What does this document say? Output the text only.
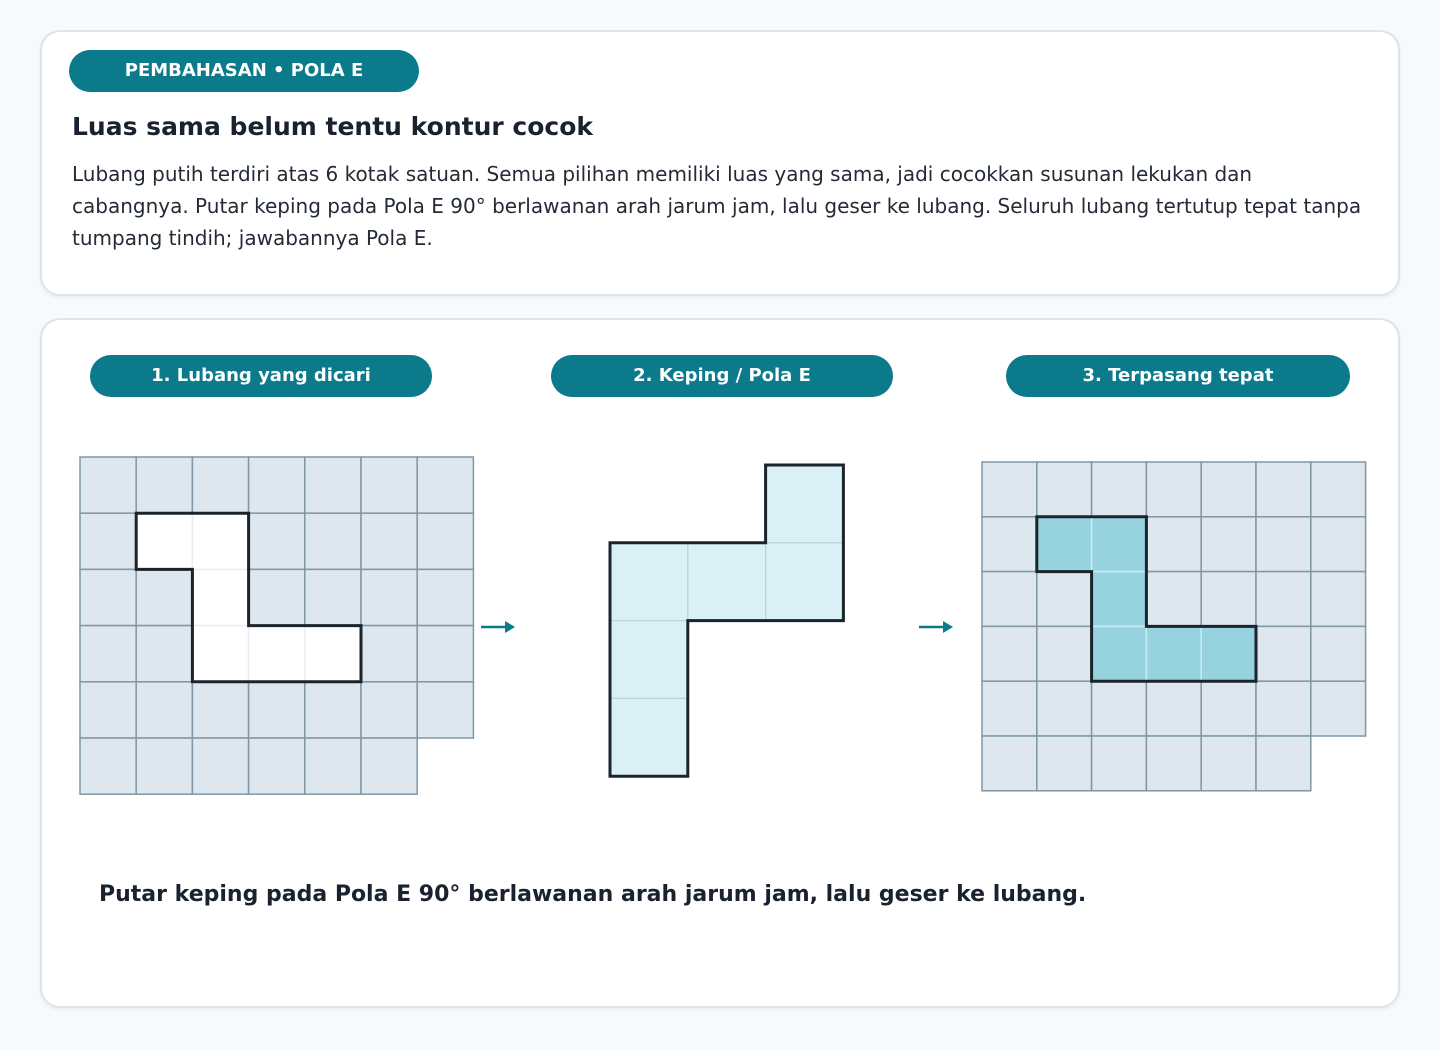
PEMBAHASAN • POLA E
Luas sama belum tentu kontur cocok
Lubang putih terdiri atas 6 kotak satuan. Semua pilihan memiliki luas yang sama, jadi cocokkan susunan lekukan dan cabangnya. Putar keping pada Pola E 90° berlawanan arah jarum jam, lalu geser ke lubang. Seluruh lubang tertutup tepat tanpa tumpang tindih; jawabannya Pola E.
1. Lubang yang dicari	2. Keping / Pola E	3. Terpasang tepat
Putar keping pada Pola E 90° berlawanan arah jarum jam, lalu geser ke lubang.
